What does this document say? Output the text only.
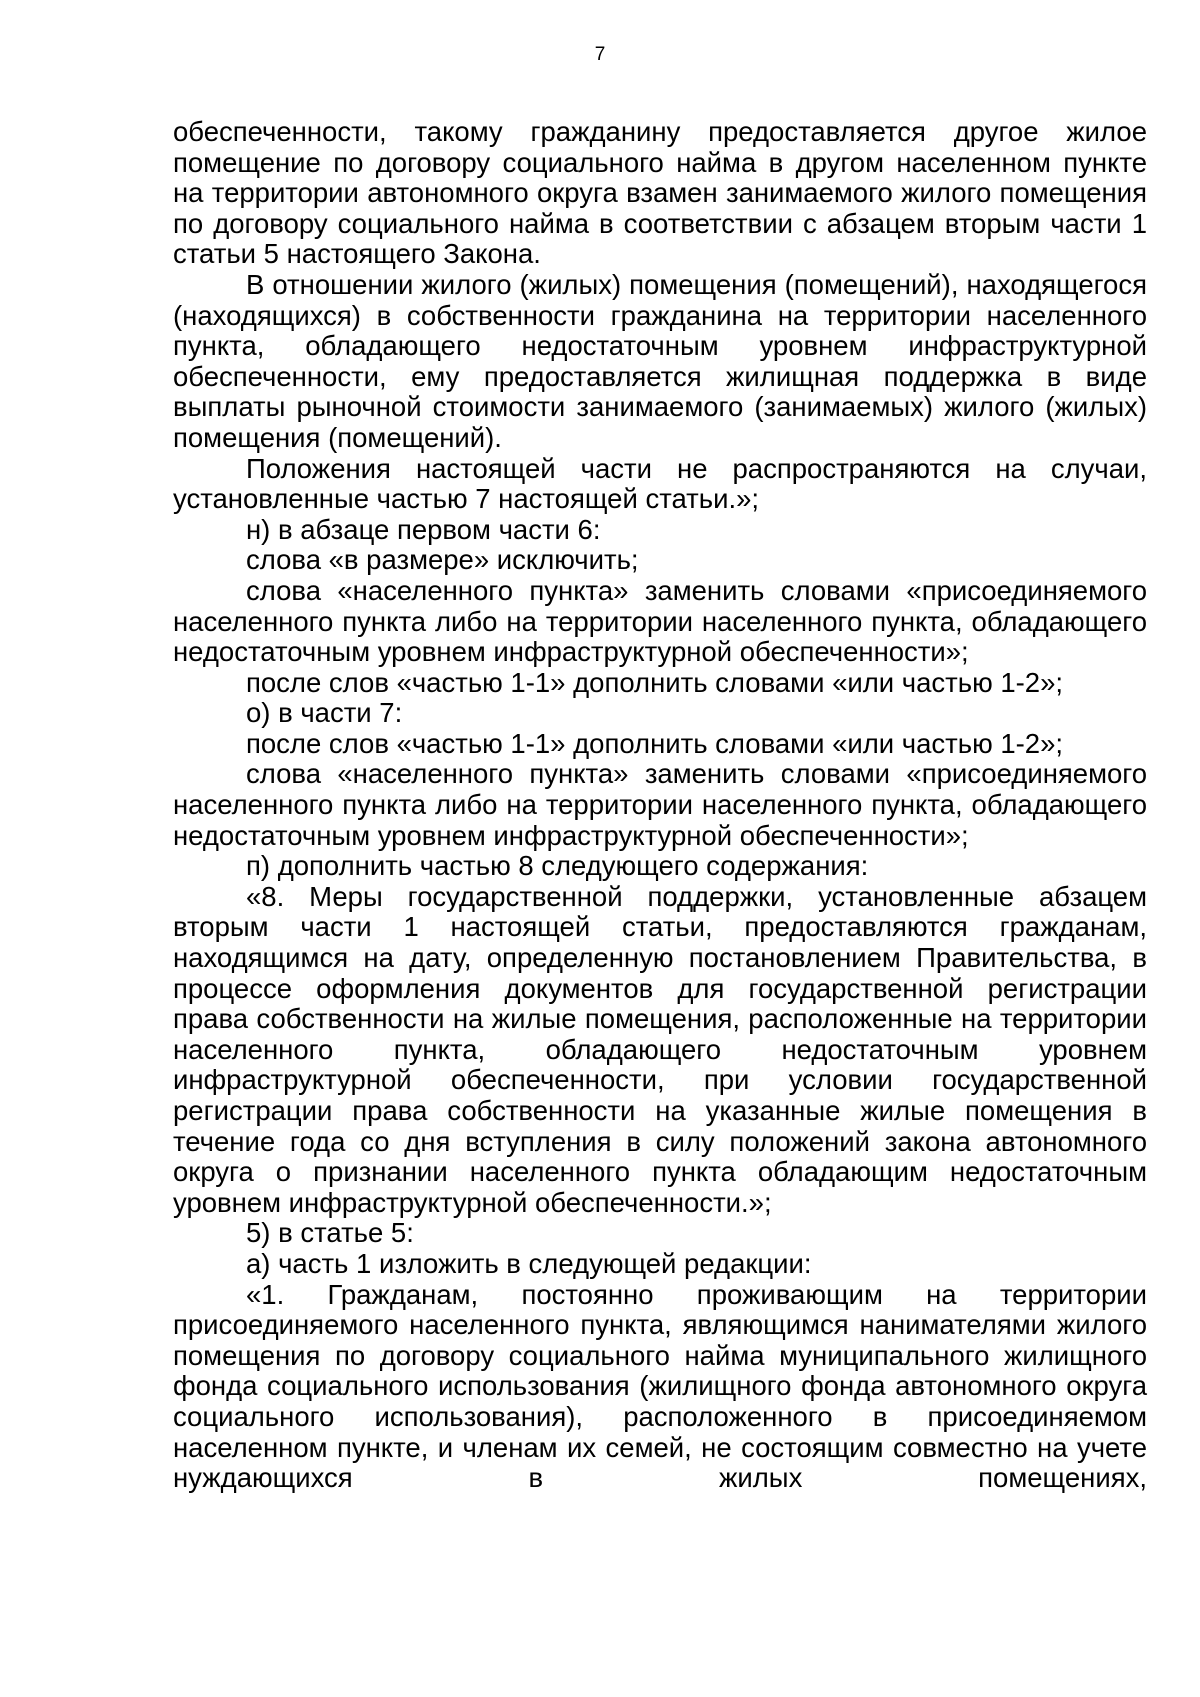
7

обеспеченности, такому гражданину предоставляется другое жилое помещение по договору социального найма в другом населенном пункте на территории автономного округа взамен занимаемого жилого помещения по договору социального найма в соответствии с абзацем вторым части 1 статьи 5 настоящего Закона.

В отношении жилого (жилых) помещения (помещений), находящегося (находящихся) в собственности гражданина на территории населенного пункта, обладающего недостаточным уровнем инфраструктурной обеспеченности, ему предоставляется жилищная поддержка в виде выплаты рыночной стоимости занимаемого (занимаемых) жилого (жилых) помещения (помещений).

Положения настоящей части не распространяются на случаи, установленные частью 7 настоящей статьи.»;

н) в абзаце первом части 6:

слова «в размере» исключить;

слова «населенного пункта» заменить словами «присоединяемого населенного пункта либо на территории населенного пункта, обладающего недостаточным уровнем инфраструктурной обеспеченности»;

после слов «частью 1-1» дополнить словами «или частью 1-2»;

о) в части 7:

после слов «частью 1-1» дополнить словами «или частью 1-2»;

слова «населенного пункта» заменить словами «присоединяемого населенного пункта либо на территории населенного пункта, обладающего недостаточным уровнем инфраструктурной обеспеченности»;

п) дополнить частью 8 следующего содержания:

«8. Меры государственной поддержки, установленные абзацем вторым части 1 настоящей статьи, предоставляются гражданам, находящимся на дату, определенную постановлением Правительства, в процессе оформления документов для государственной регистрации права собственности на жилые помещения, расположенные на территории населенного пункта, обладающего недостаточным уровнем инфраструктурной обеспеченности, при условии государственной регистрации права собственности на указанные жилые помещения в течение года со дня вступления в силу положений закона автономного округа о признании населенного пункта обладающим недостаточным уровнем инфраструктурной обеспеченности.»;

5) в статье 5:

а) часть 1 изложить в следующей редакции:

«1. Гражданам, постоянно проживающим на территории присоединяемого населенного пункта, являющимся нанимателями жилого помещения по договору социального найма муниципального жилищного фонда социального использования (жилищного фонда автономного округа социального использования), расположенного в присоединяемом населенном пункте, и членам их семей, не состоящим совместно на учете нуждающихся в жилых помещениях,
